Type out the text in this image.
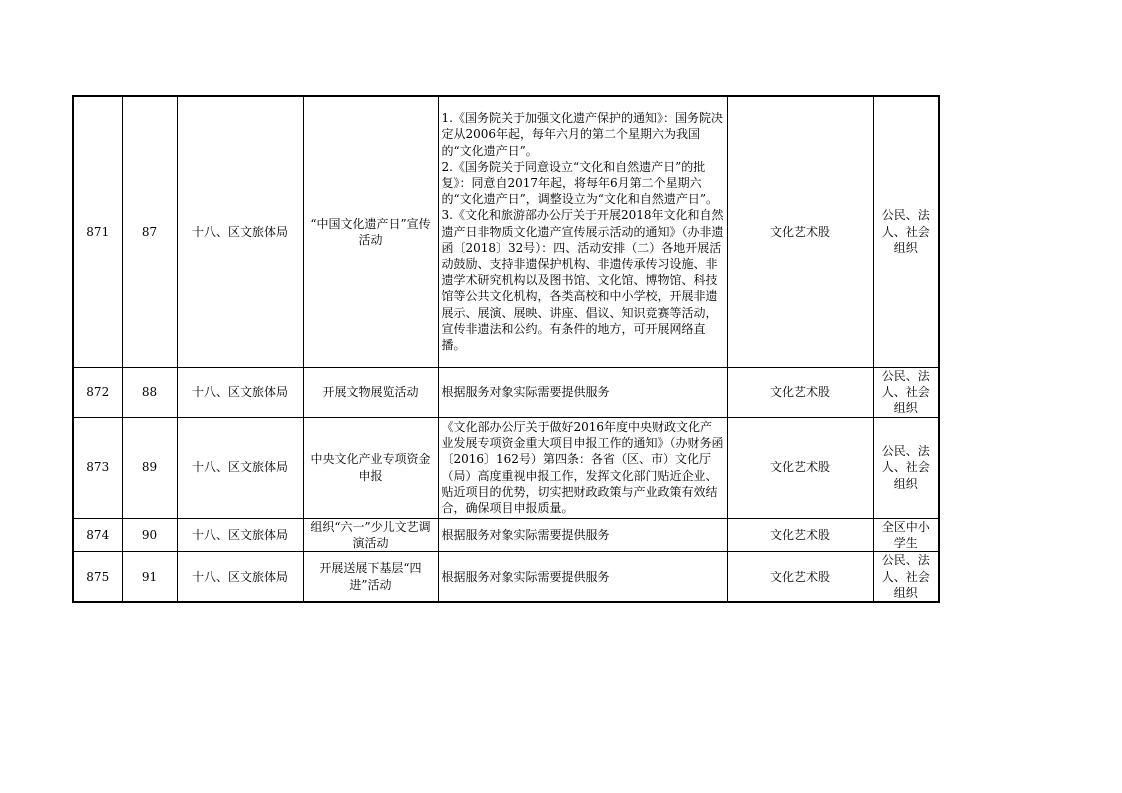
871	87	十八、区文旅体局	“中国文化遗产日”宣传活动	1.《国务院关于加强文化遗产保护的通知》：国务院决定从2006年起，每年六月的第二个星期六为我国的“文化遗产日”。
2.《国务院关于同意设立“文化和自然遗产日”的批复》：同意自2017年起，将每年6月第二个星期六的“文化遗产日”，调整设立为“文化和自然遗产日”。
3.《文化和旅游部办公厅关于开展2018年文化和自然遗产日非物质文化遗产宣传展示活动的通知》（办非遗函〔2018〕32号）：四、活动安排（二）各地开展活动鼓励、支持非遗保护机构、非遗传承传习设施、非遗学术研究机构以及图书馆、文化馆、博物馆、科技馆等公共文化机构，各类高校和中小学校，开展非遗展示、展演、展映、讲座、倡议、知识竞赛等活动，宣传非遗法和公约。有条件的地方，可开展网络直播。	文化艺术股	公民、法人、社会组织
872	88	十八、区文旅体局	开展文物展览活动	根据服务对象实际需要提供服务	文化艺术股	公民、法人、社会组织
873	89	十八、区文旅体局	中央文化产业专项资金申报	《文化部办公厅关于做好2016年度中央财政文化产业发展专项资金重大项目申报工作的通知》（办财务函〔2016〕162号）第四条：各省（区、市）文化厅（局）高度重视申报工作，发挥文化部门贴近企业、贴近项目的优势，切实把财政政策与产业政策有效结合，确保项目申报质量。	文化艺术股	公民、法人、社会组织
874	90	十八、区文旅体局	组织“六一”少儿文艺调演活动	根据服务对象实际需要提供服务	文化艺术股	全区中小学生
875	91	十八、区文旅体局	开展送展下基层“四进”活动	根据服务对象实际需要提供服务	文化艺术股	公民、法人、社会组织
